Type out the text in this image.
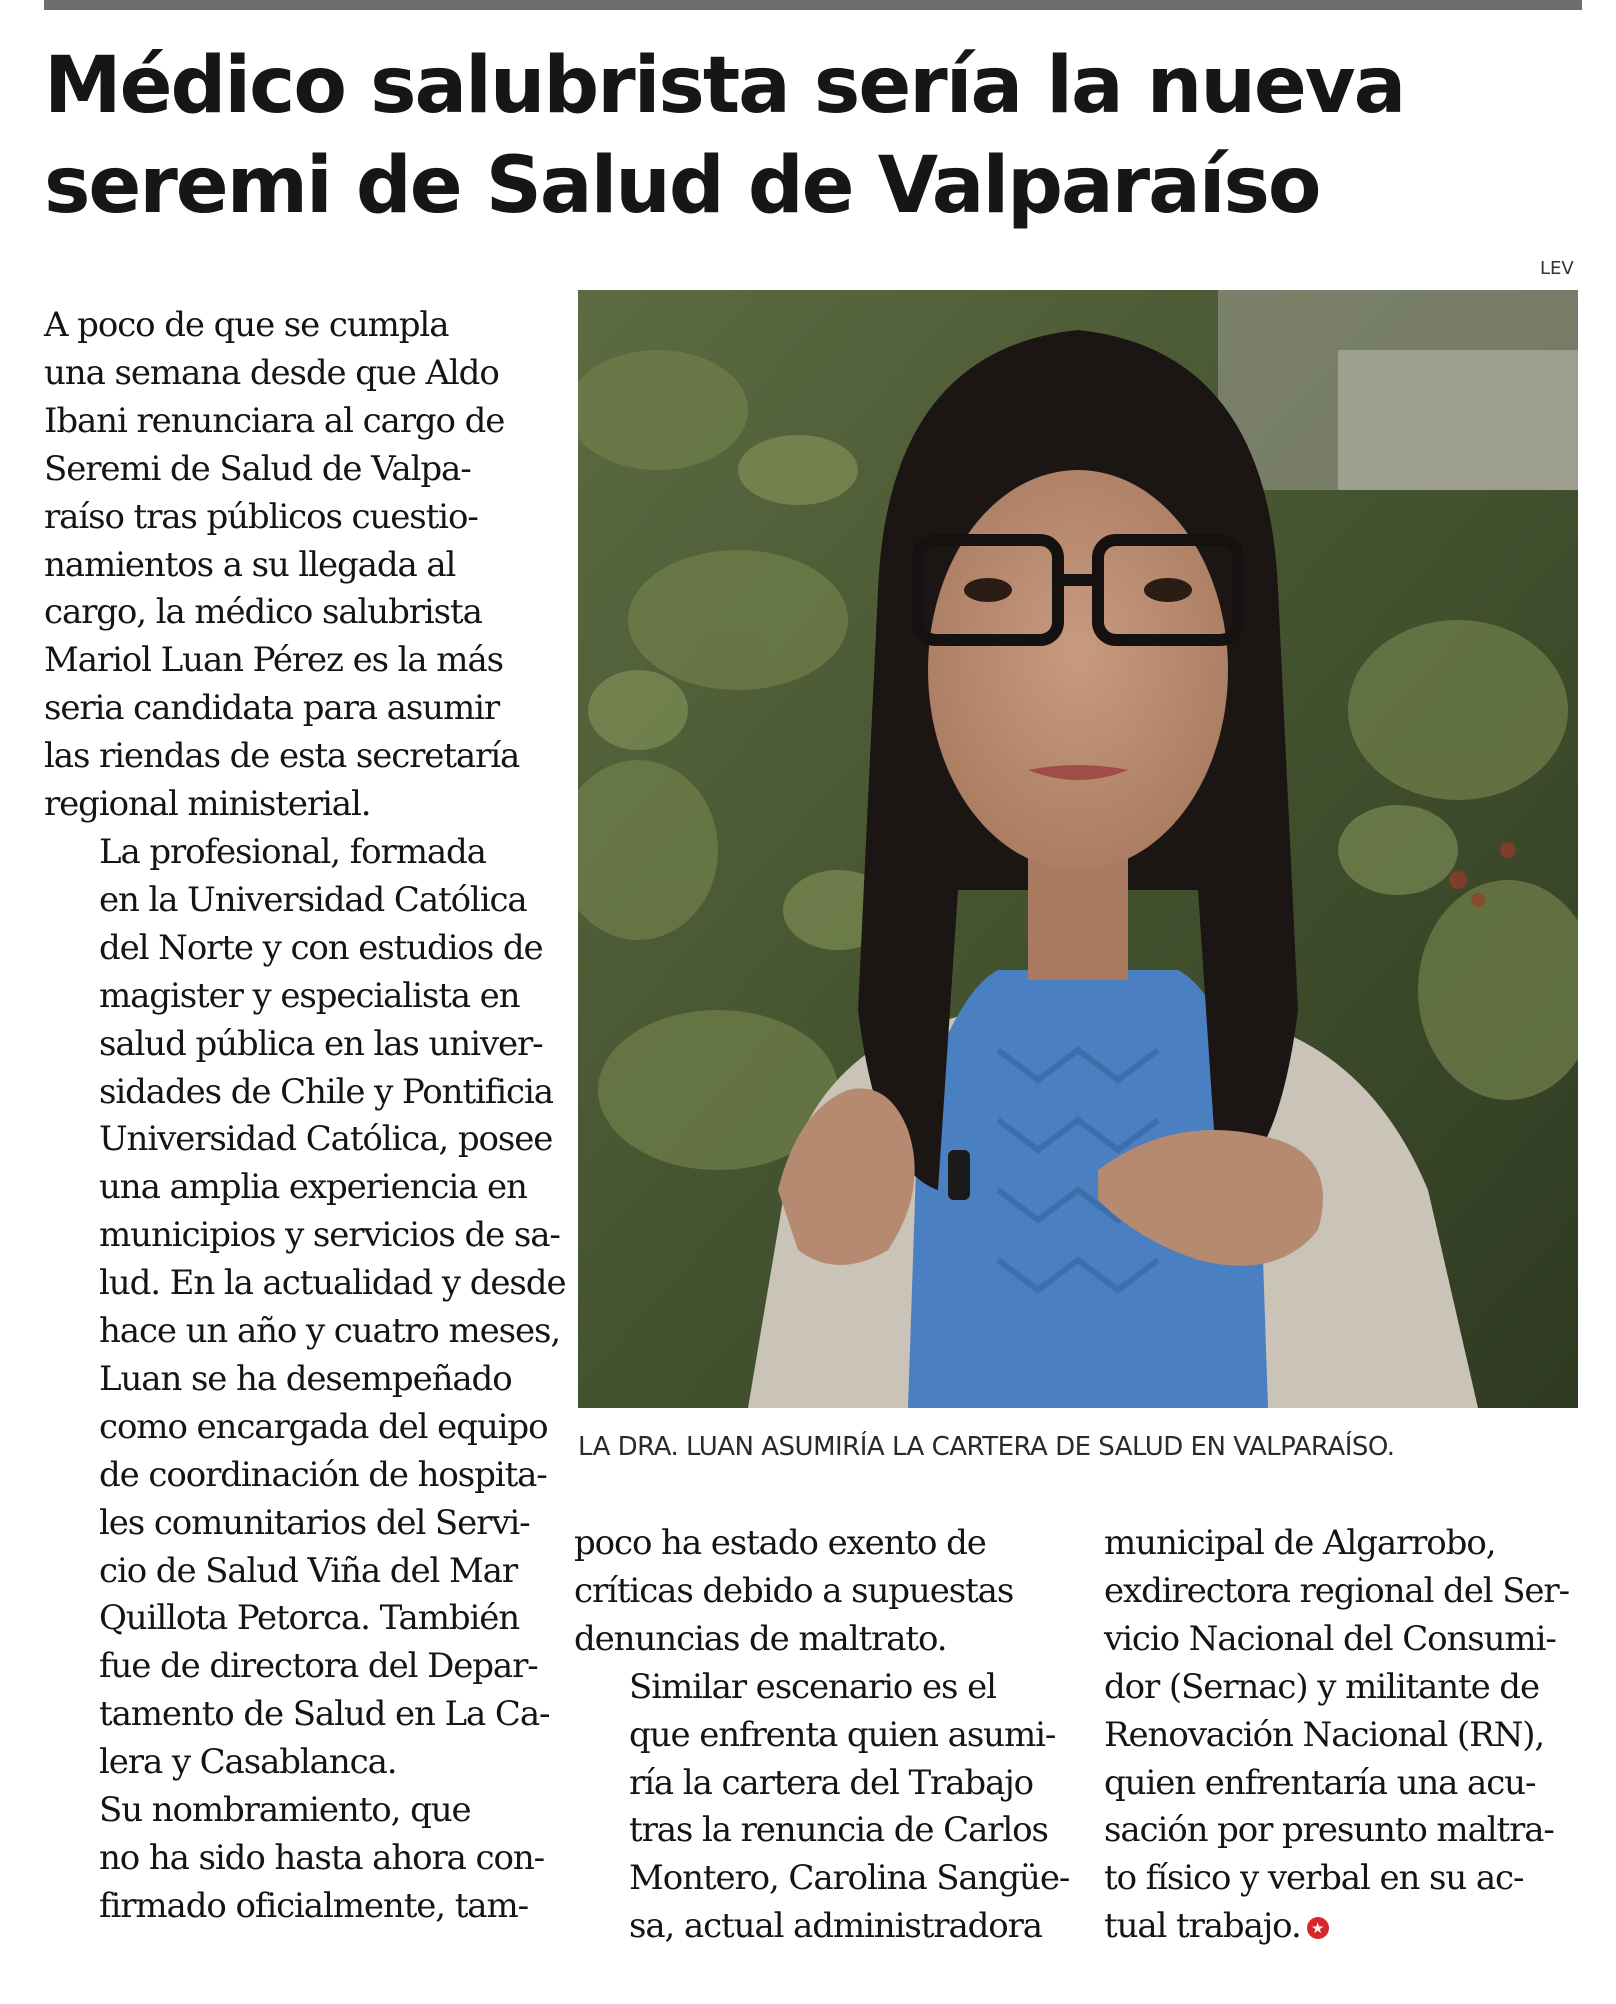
Médico salubrista sería la nueva
seremi de Salud de Valparaíso
LEV
LA DRA. LUAN ASUMIRÍA LA CARTERA DE SALUD EN VALPARAÍSO.

A poco de que se cumpla
una semana desde que Aldo
Ibani renunciara al cargo de
Seremi de Salud de Valpa-
raíso tras públicos cuestio-
namientos a su llegada al
cargo, la médico salubrista
Mariol Luan Pérez es la más
seria candidata para asumir
las riendas de esta secretaría
regional ministerial.

La profesional, formada
en la Universidad Católica
del Norte y con estudios de
magister y especialista en
salud pública en las univer-
sidades de Chile y Pontificia
Universidad Católica, posee
una amplia experiencia en
municipios y servicios de sa-
lud. En la actualidad y desde
hace un año y cuatro meses,
Luan se ha desempeñado
como encargada del equipo
de coordinación de hospita-
les comunitarios del Servi-
cio de Salud Viña del Mar
Quillota Petorca. También
fue de directora del Depar-
tamento de Salud en La Ca-
lera y Casablanca.

Su nombramiento, que
no ha sido hasta ahora con-
firmado oficialmente, tam-

poco ha estado exento de
críticas debido a supuestas
denuncias de maltrato.

Similar escenario es el
que enfrenta quien asumi-
ría la cartera del Trabajo
tras la renuncia de Carlos
Montero, Carolina Sangüe-
sa, actual administradora

municipal de Algarrobo,
exdirectora regional del Ser-
vicio Nacional del Consumi-
dor (Sernac) y militante de
Renovación Nacional (RN),
quien enfrentaría una acu-
sación por presunto maltra-
to físico y verbal en su ac-
tual trabajo.
